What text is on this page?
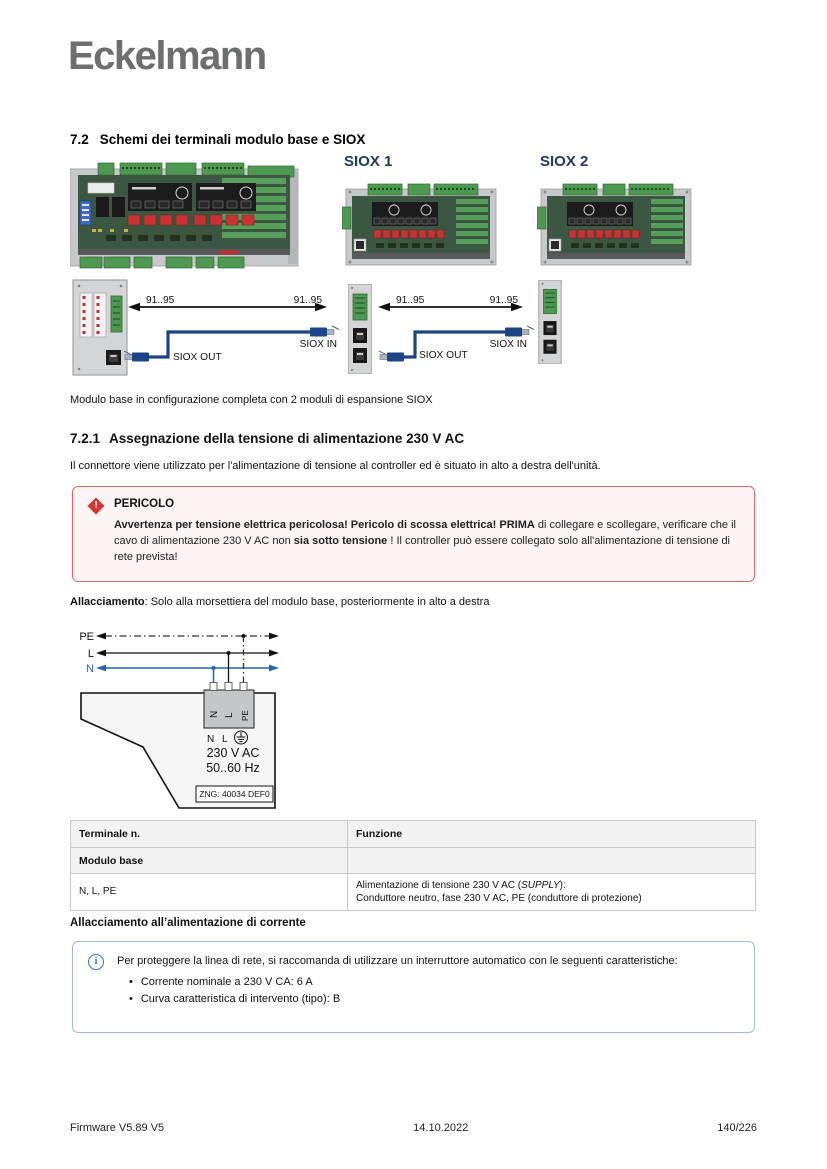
Eckelmann
7.2 Schemi dei terminali modulo base e SIOX
SIOX 1	SIOX 2
91..95	91..95
SIOX OUT
SIOX IN
91..95	91..95
SIOX OUT
SIOX IN
Modulo base in configurazione completa con 2 moduli di espansione SIOX
7.2.1 Assegnazione della tensione di alimentazione 230 V AC
Il connettore viene utilizzato per l'alimentazione di tensione al controller ed è situato in alto a destra dell'unità.
!	PERICOLO
Avvertenza per tensione elettrica pericolosa! Pericolo di scossa elettrica! PRIMA di collegare e scollegare, verificare che il cavo di alimentazione 230 V AC non sia sotto tensione ! Il controller può essere collegato solo all'alimentazione di tensione di rete prevista!
Allacciamento: Solo alla morsettiera del modulo base, posteriormente in alto a destra
PE
L
N
N L PE
N L
230 V AC
50..60 Hz
ZNG: 40034 DEF0
Terminale n.	Funzione
Modulo base	
N, L, PE	Alimentazione di tensione 230 V AC (SUPPLY):
Conduttore neutro, fase 230 V AC, PE (conduttore di protezione)
Allacciamento all’alimentazione di corrente
i	Per proteggere la linea di rete, si raccomanda di utilizzare un interruttore automatico con le seguenti caratteristiche:
• Corrente nominale a 230 V CA: 6 A
• Curva caratteristica di intervento (tipo): B
Firmware V5.89 V5	14.10.2022	140/226
